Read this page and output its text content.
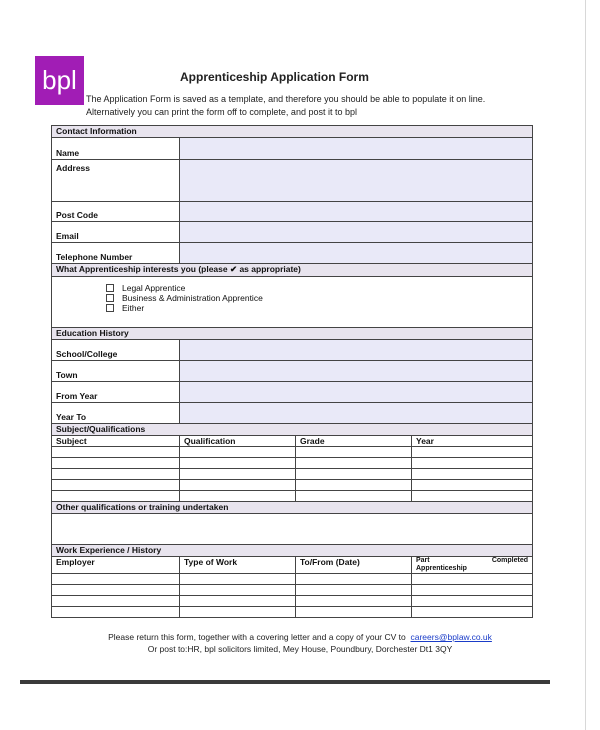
bpl	Apprenticeship Application Form
The Application Form is saved as a template, and therefore you should be able to populate it on line. Alternatively you can print the form off to complete, and post it to bpl
Contact Information			
Name			
Address			
Post Code			
Email			
Telephone Number			
What Apprenticeship interests you (please ✔ as appropriate)			

Legal Apprentice
Business & Administration Apprentice
Either			

Education History			
School/College			
Town			
From Year			
Year To			
Subject/Qualifications			
Subject	Qualification	Grade	Year

Other qualifications or training undertaken			

Work Experience / History			
Employer	Type of Work	To/From (Date)	Part Completed
Apprenticeship

Please return this form, together with a covering letter and a copy of your CV to careers@bplaw.co.uk
Or post to:HR, bpl solicitors limited, Mey House, Poundbury, Dorchester Dt1 3QY
